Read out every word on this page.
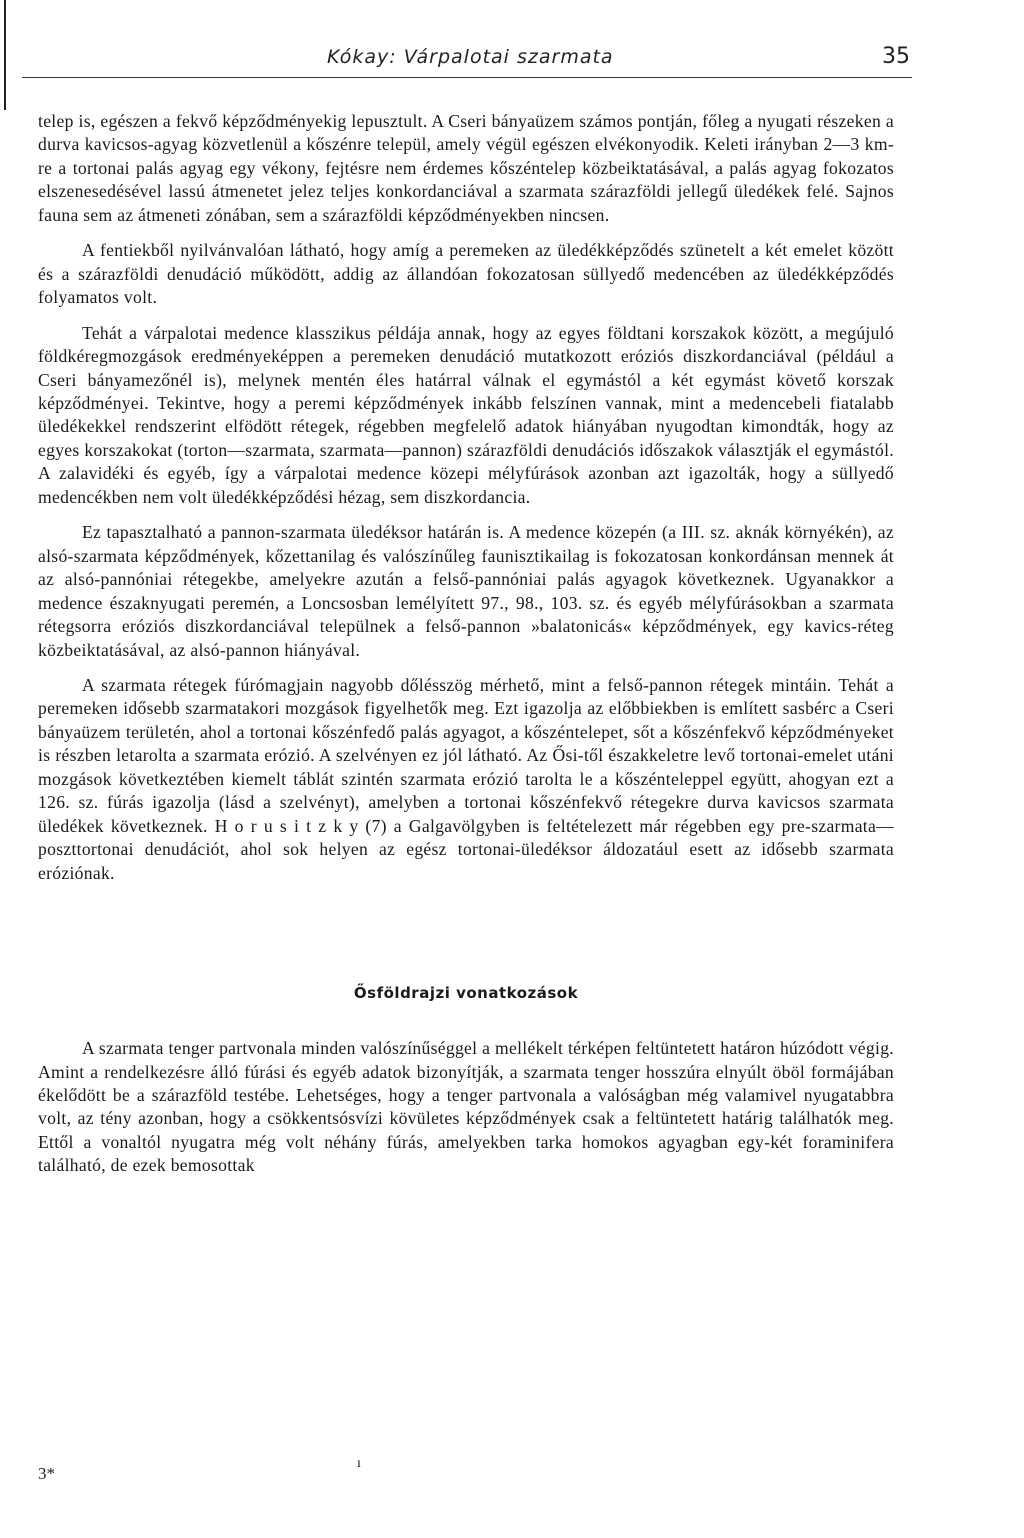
Kókay: Várpalotai szarmata	35

telep is, egészen a fekvő képződményekig lepusztult. A Cseri bányaüzem számos pontján, főleg a nyugati részeken a durva kavicsos-agyag közvetlenül a kőszénre települ, amely végül egészen elvékonyodik. Keleti irányban 2—3 km-re a tortonai palás agyag egy vékony, fejtésre nem érdemes kőszéntelep közbeiktatásával, a palás agyag fokozatos elszenesedésével lassú átmenetet jelez teljes konkordanciával a szarmata szárazföldi jellegű üledékek felé. Sajnos fauna sem az átmeneti zónában, sem a szárazföldi képződményekben nincsen.

A fentiekből nyilvánvalóan látható, hogy amíg a peremeken az üledékképződés szünetelt a két emelet között és a szárazföldi denudáció működött, addig az állandóan fokozatosan süllyedő medencében az üledékképződés folyamatos volt.

Tehát a várpalotai medence klasszikus példája annak, hogy az egyes földtani korszakok között, a megújuló földkéregmozgások eredményeképpen a peremeken denudáció mutatkozott eróziós diszkordanciával (például a Cseri bányamezőnél is), melynek mentén éles határral válnak el egymástól a két egymást követő korszak képződményei. Tekintve, hogy a peremi képződmények inkább felszínen vannak, mint a medencebeli fiatalabb üledékekkel rendszerint elfödött rétegek, régebben megfelelő adatok hiányában nyugodtan kimondták, hogy az egyes korszakokat (torton—szarmata, szarmata—pannon) szárazföldi denudációs időszakok választják el egymástól. A zalavidéki és egyéb, így a várpalotai medence közepi mélyfúrások azonban azt igazolták, hogy a süllyedő medencékben nem volt üledékképződési hézag, sem diszkordancia.

Ez tapasztalható a pannon-szarmata üledéksor határán is. A medence közepén (a III. sz. aknák környékén), az alsó-szarmata képződmények, kőzettanilag és valószínűleg faunisztikailag is fokozatosan konkordánsan mennek át az alsó-pannóniai rétegekbe, amelyekre azután a felső-pannóniai palás agyagok következnek. Ugyanakkor a medence északnyugati peremén, a Loncsosban lemélyített 97., 98., 103. sz. és egyéb mélyfúrásokban a szarmata rétegsorra eróziós diszkordanciával települnek a felső-pannon »balatonicás« képződmények, egy kavics-réteg közbeiktatásával, az alsó-pannon hiányával.

A szarmata rétegek fúrómagjain nagyobb dőlésszög mérhető, mint a felső-pannon rétegek mintáin. Tehát a peremeken idősebb szarmatakori mozgások figyelhetők meg. Ezt igazolja az előbbiekben is említett sasbérc a Cseri bányaüzem területén, ahol a tortonai kőszénfedő palás agyagot, a kőszéntelepet, sőt a kőszénfekvő képződményeket is részben letarolta a szarmata erózió. A szelvényen ez jól látható. Az Ősi-től északkeletre levő tortonai-emelet utáni mozgások következtében kiemelt táblát szintén szarmata erózió tarolta le a kőszénteleppel együtt, ahogyan ezt a 126. sz. fúrás igazolja (lásd a szelvényt), amelyben a tortonai kőszénfekvő rétegekre durva kavicsos szarmata üledékek következnek. H o r u s i t z k y (7) a Galgavölgyben is feltételezett már régebben egy pre-szarmata—poszttortonai denudációt, ahol sok helyen az egész tortonai-üledéksor áldozatául esett az idősebb szarmata eróziónak.

Ősföldrajzi vonatkozások

A szarmata tenger partvonala minden valószínűséggel a mellékelt térképen feltüntetett határon húzódott végig. Amint a rendelkezésre álló fúrási és egyéb adatok bizonyítják, a szarmata tenger hosszúra elnyúlt öböl formájában ékelődött be a szárazföld testébe. Lehetséges, hogy a tenger partvonala a valóságban még valamivel nyugatabbra volt, az tény azonban, hogy a csökkentsósvízi kövületes képződmények csak a feltüntetett határig találhatók meg. Ettől a vonaltól nyugatra még volt néhány fúrás, amelyekben tarka homokos agyagban egy-két foraminifera található, de ezek bemosottak

3*
ı
